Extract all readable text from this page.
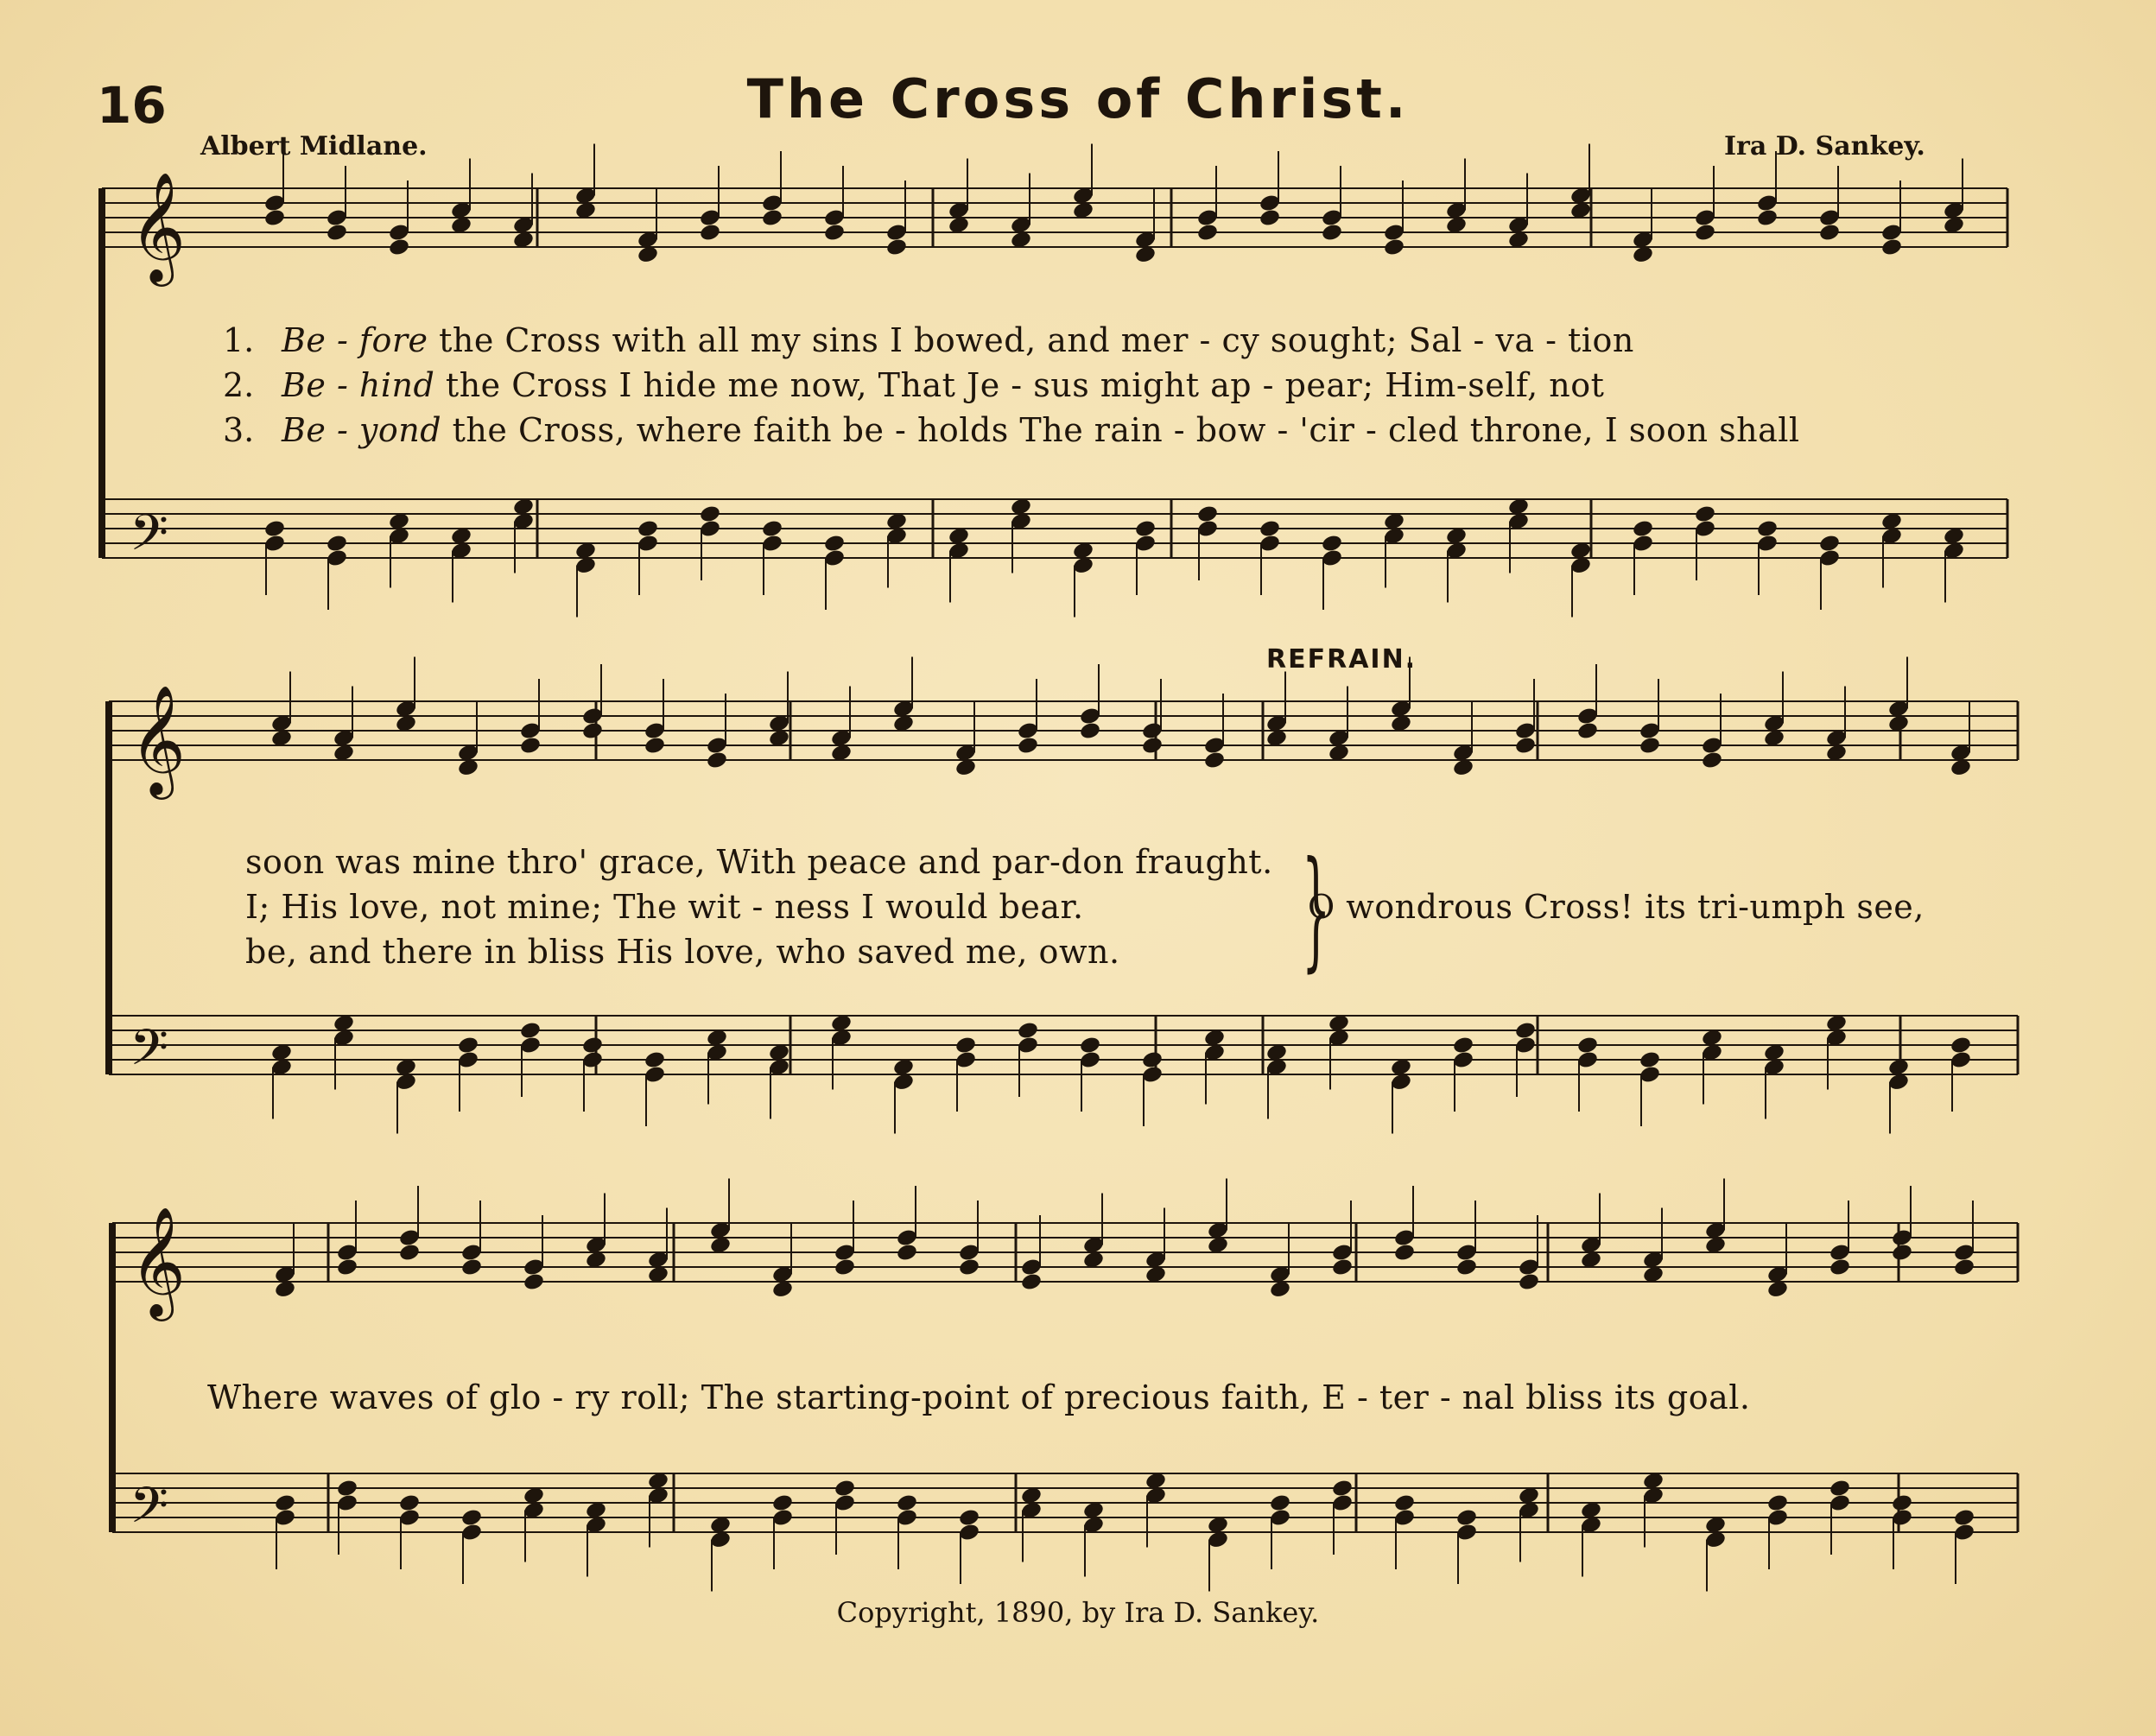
16	The Cross of Christ.
Albert Midlane.	Ira D. Sankey.
𝄞
𝄢
𝄞
𝄢
𝄞
𝄢
1. Be - fore the Cross with all my sins I bowed, and mer - cy sought; Sal - va - tion
2. Be - hind the Cross I hide me now, That Je - sus might ap - pear; Him-self, not
3. Be - yond the Cross, where faith be - holds The rain - bow - 'cir - cled throne, I soon shall
REFRAIN.
soon was mine thro' grace, With peace and par-don fraught.
I; His love, not mine; The wit - ness I would bear.
be, and there in bliss His love, who saved me, own. }
O wondrous Cross! its tri-umph see,
Where waves of glo - ry roll; The starting-point of precious faith, E - ter - nal bliss its goal.
Copyright, 1890, by Ira D. Sankey.
